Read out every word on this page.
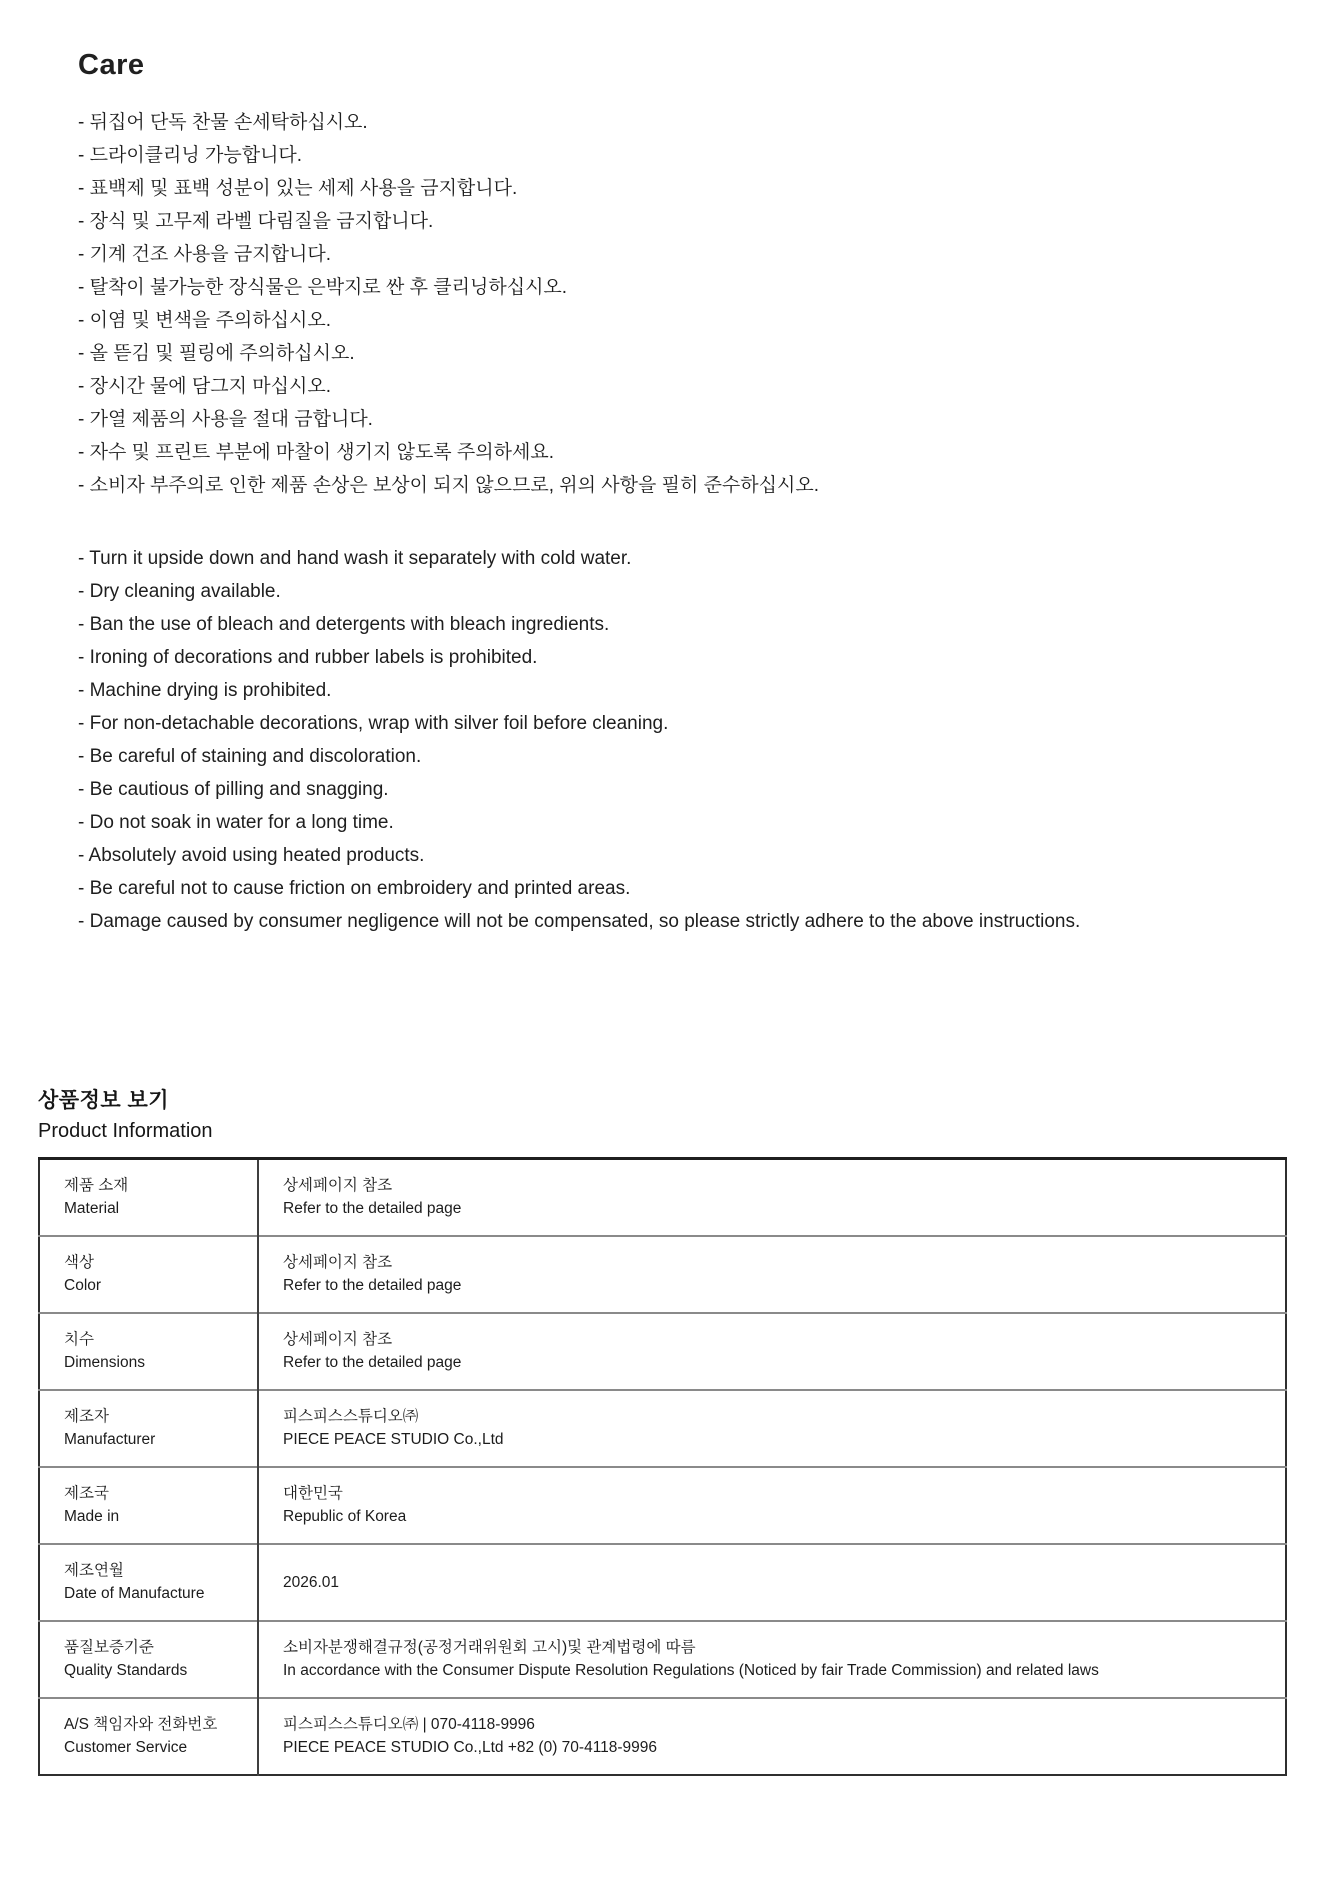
Care
- 뒤집어 단독 찬물 손세탁하십시오.
- 드라이클리닝 가능합니다.
- 표백제 및 표백 성분이 있는 세제 사용을 금지합니다.
- 장식 및 고무제 라벨 다림질을 금지합니다.
- 기계 건조 사용을 금지합니다.
- 탈착이 불가능한 장식물은 은박지로 싼 후 클리닝하십시오.
- 이염 및 변색을 주의하십시오.
- 올 뜯김 및 필링에 주의하십시오.
- 장시간 물에 담그지 마십시오.
- 가열 제품의 사용을 절대 금합니다.
- 자수 및 프린트 부분에 마찰이 생기지 않도록 주의하세요.
- 소비자 부주의로 인한 제품 손상은 보상이 되지 않으므로, 위의 사항을 필히 준수하십시오.
- Turn it upside down and hand wash it separately with cold water.
- Dry cleaning available.
- Ban the use of bleach and detergents with bleach ingredients.
- Ironing of decorations and rubber labels is prohibited.
- Machine drying is prohibited.
- For non-detachable decorations, wrap with silver foil before cleaning.
- Be careful of staining and discoloration.
- Be cautious of pilling and snagging.
- Do not soak in water for a long time.
- Absolutely avoid using heated products.
- Be careful not to cause friction on embroidery and printed areas.
- Damage caused by consumer negligence will not be compensated, so please strictly adhere to the above instructions.
상품정보 보기
Product Information
제품 소재
Material

상세페이지 참조
Refer to the detailed page

색상
Color

상세페이지 참조
Refer to the detailed page

치수
Dimensions

상세페이지 참조
Refer to the detailed page

제조자
Manufacturer

피스피스스튜디오㈜
PIECE PEACE STUDIO Co.,Ltd

제조국
Made in

대한민국
Republic of Korea

제조연월
Date of Manufacture	2026.01

품질보증기준
Quality Standards

소비자분쟁해결규정(공정거래위원회 고시)및 관계법령에 따름
In accordance with the Consumer Dispute Resolution Regulations (Noticed by fair Trade Commission) and related laws

A/S 책임자와 전화번호
Customer Service

피스피스스튜디오㈜ | 070-4118-9996
PIECE PEACE STUDIO Co.,Ltd +82 (0) 70-4118-9996
